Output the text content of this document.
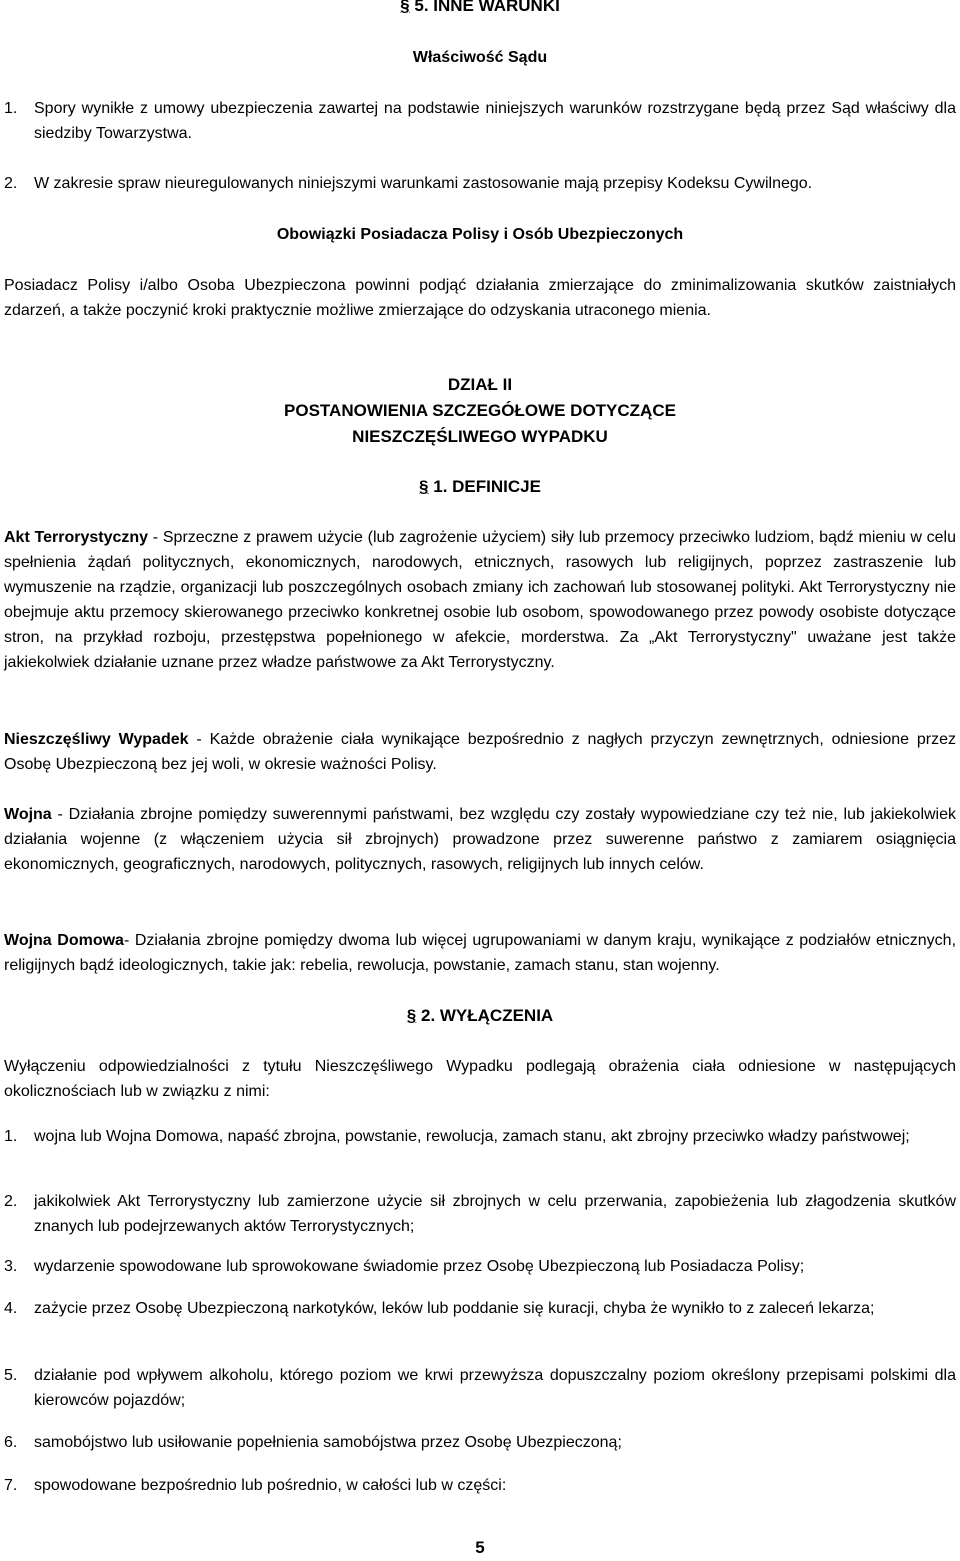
§ 5. INNE WARUNKI
Właściwość Sądu
1.	Spory wynikłe z umowy ubezpieczenia zawartej na podstawie niniejszych warunków rozstrzygane będą przez Sąd właściwy dla siedziby Towarzystwa.
2.	W zakresie spraw nieuregulowanych niniejszymi warunkami zastosowanie mają przepisy Kodeksu Cywilnego.
Obowiązki Posiadacza Polisy i Osób Ubezpieczonych

Posiadacz Polisy i/albo Osoba Ubezpieczona powinni podjąć działania zmierzające do zminimalizowania skutków zaistniałych zdarzeń, a także poczynić kroki praktycznie możliwe zmierzające do odzyskania utraconego mienia.

DZIAŁ II
POSTANOWIENIA SZCZEGÓŁOWE DOTYCZĄCE
NIESZCZĘŚLIWEGO WYPADKU
§ 1. DEFINICJE

Akt Terrorystyczny - Sprzeczne z prawem użycie (lub zagrożenie użyciem) siły lub przemocy przeciwko ludziom, bądź mieniu w celu spełnienia żądań politycznych, ekonomicznych, narodowych, etnicznych, rasowych lub religijnych, poprzez zastraszenie lub wymuszenie na rządzie, organizacji lub poszczególnych osobach zmiany ich zachowań lub stosowanej polityki. Akt Terrorystyczny nie obejmuje aktu przemocy skierowanego przeciwko konkretnej osobie lub osobom, spowodowanego przez powody osobiste dotyczące stron, na przykład rozboju, przestępstwa popełnionego w afekcie, morderstwa. Za „Akt Terrorystyczny" uważane jest także jakiekolwiek działanie uznane przez władze państwowe za Akt Terrorystyczny.

Nieszczęśliwy Wypadek - Każde obrażenie ciała wynikające bezpośrednio z nagłych przyczyn zewnętrznych, odniesione przez Osobę Ubezpieczoną bez jej woli, w okresie ważności Polisy.

Wojna - Działania zbrojne pomiędzy suwerennymi państwami, bez względu czy zostały wypowiedziane czy też nie, lub jakiekolwiek działania wojenne (z włączeniem użycia sił zbrojnych) prowadzone przez suwerenne państwo z zamiarem osiągnięcia ekonomicznych, geograficznych, narodowych, politycznych, rasowych, religijnych lub innych celów.

Wojna Domowa- Działania zbrojne pomiędzy dwoma lub więcej ugrupowaniami w danym kraju, wynikające z podziałów etnicznych, religijnych bądź ideologicznych, takie jak: rebelia, rewolucja, powstanie, zamach stanu, stan wojenny.

§ 2. WYŁĄCZENIA

Wyłączeniu odpowiedzialności z tytułu Nieszczęśliwego Wypadku podlegają obrażenia ciała odniesione w następujących okolicznościach lub w związku z nimi:

1.	wojna lub Wojna Domowa, napaść zbrojna, powstanie, rewolucja, zamach stanu, akt zbrojny przeciwko władzy państwowej;
2.	jakikolwiek Akt Terrorystyczny lub zamierzone użycie sił zbrojnych w celu przerwania, zapobieżenia lub złagodzenia skutków znanych lub podejrzewanych aktów Terrorystycznych;
3.	wydarzenie spowodowane lub sprowokowane świadomie przez Osobę Ubezpieczoną lub Posiadacza Polisy;
4.	zażycie przez Osobę Ubezpieczoną narkotyków, leków lub poddanie się kuracji, chyba że wynikło to z zaleceń lekarza;
5.	działanie pod wpływem alkoholu, którego poziom we krwi przewyższa dopuszczalny poziom określony przepisami polskimi dla kierowców pojazdów;
6.	samobójstwo lub usiłowanie popełnienia samobójstwa przez Osobę Ubezpieczoną;
7.	spowodowane bezpośrednio lub pośrednio, w całości lub w części:
5
